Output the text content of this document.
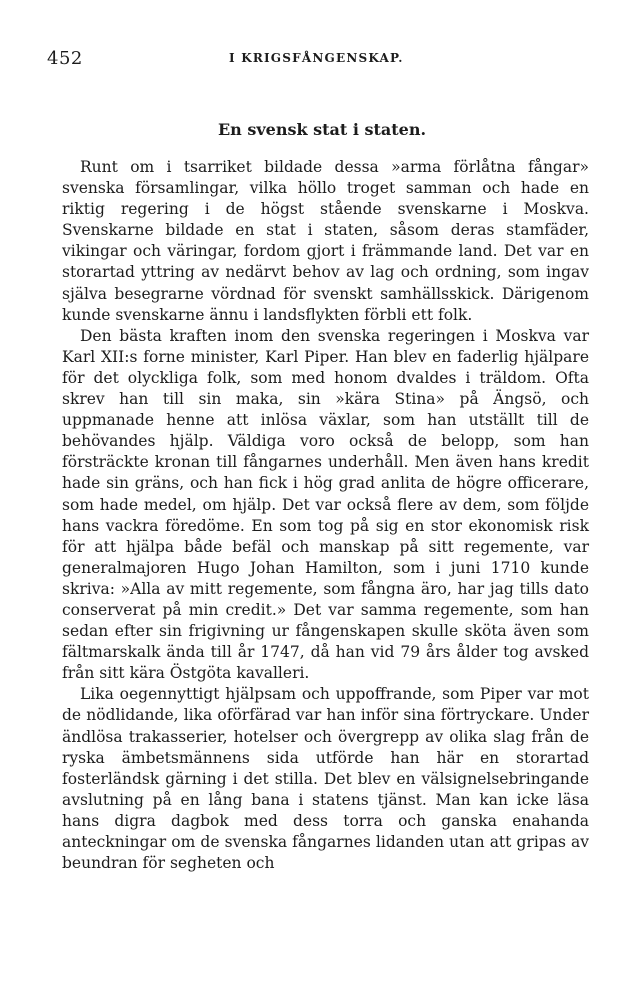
452	I KRIGSFÅNGENSKAP.
En svensk stat i staten.

Runt om i tsarriket bildade dessa »arma förlåtna fångar» svenska församlingar, vilka höllo troget samman och hade en riktig regering i de högst stående svenskarne i Moskva. Svenskarne bildade en stat i staten, såsom deras stamfäder, vikingar och väringar, fordom gjort i främmande land. Det var en storartad yttring av nedärvt behov av lag och ordning, som ingav själva besegrarne vördnad för svenskt samhällsskick. Därigenom kunde svenskarne ännu i landsflykten förbli ett folk.

Den bästa kraften inom den svenska regeringen i Moskva var Karl XII:s forne minister, Karl Piper. Han blev en faderlig hjälpare för det olyckliga folk, som med honom dvaldes i träldom. Ofta skrev han till sin maka, sin »kära Stina» på Ängsö, och uppmanade henne att inlösa växlar, som han utställt till de behövandes hjälp. Väldiga voro också de belopp, som han försträckte kronan till fångarnes underhåll. Men även hans kredit hade sin gräns, och han fick i hög grad anlita de högre officerare, som hade medel, om hjälp. Det var också flere av dem, som följde hans vackra föredöme. En som tog på sig en stor ekonomisk risk för att hjälpa både befäl och manskap på sitt regemente, var generalmajoren Hugo Johan Hamilton, som i juni 1710 kunde skriva: »Alla av mitt regemente, som fångna äro, har jag tills dato conserverat på min credit.» Det var samma regemente, som han sedan efter sin frigivning ur fångenskapen skulle sköta även som fältmarskalk ända till år 1747, då han vid 79 års ålder tog avsked från sitt kära Östgöta kavalleri.

Lika oegennyttigt hjälpsam och uppoffrande, som Piper var mot de nödlidande, lika oförfärad var han inför sina förtryckare. Under ändlösa trakasserier, hotelser och övergrepp av olika slag från de ryska ämbetsmännens sida utförde han här en storartad fosterländsk gärning i det stilla. Det blev en välsignelsebringande avslutning på en lång bana i statens tjänst. Man kan icke läsa hans digra dagbok med dess torra och ganska enahanda anteckningar om de svenska fångarnes lidanden utan att gripas av beundran för segheten och
